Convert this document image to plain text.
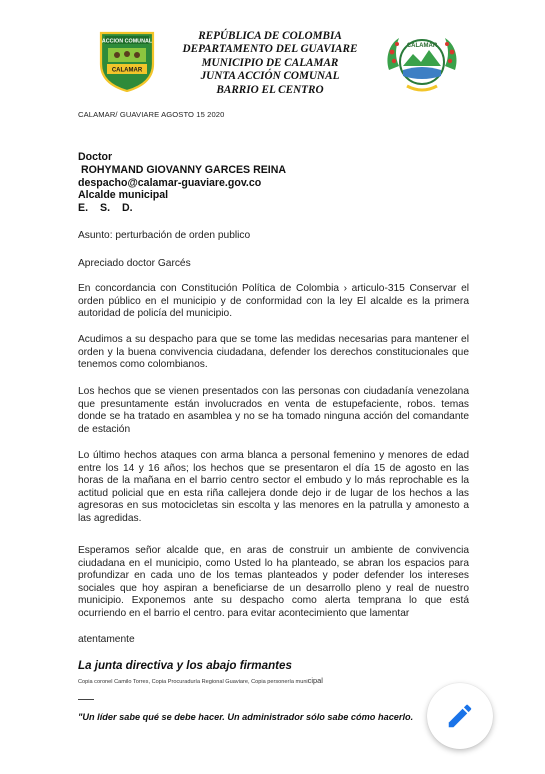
ACCION COMUNAL
CALAMAR
REPÚBLICA DE COLOMBIA
DEPARTAMENTO DEL GUAVIARE
MUNICIPIO DE CALAMAR
JUNTA ACCIÓN COMUNAL
BARRIO EL CENTRO
CALAMAR
CALAMAR/ GUAVIARE AGOSTO 15 2020
Doctor
ROHYMAND GIOVANNY GARCES REINA
despacho@calamar-guaviare.gov.co
Alcalde municipal
E. S. D.
Asunto: perturbación de orden publico
Apreciado doctor Garcés
En concordancia con Constitución Política de Colombia › articulo-315 Conservar el orden público en el municipio y de conformidad con la ley El alcalde es la primera autoridad de policía del municipio.
Acudimos a su despacho para que se tome las medidas necesarias para mantener el orden y la buena convivencia ciudadana, defender los derechos constitucionales que tenemos como colombianos.
Los hechos que se vienen presentados con las personas con ciudadanía venezolana que presuntamente están involucrados en venta de estupefaciente, robos. temas donde se ha tratado en asamblea y no se ha tomado ninguna acción del comandante de estación
Lo último hechos ataques con arma blanca a personal femenino y menores de edad entre los 14 y 16 años; los hechos que se presentaron el día 15 de agosto en las horas de la mañana en el barrio centro sector el embudo y lo más reprochable es la actitud policial que en esta riña callejera donde dejo ir de lugar de los hechos a las agresoras en sus motocicletas sin escolta y las menores en la patrulla y amonesto a las agredidas.
Esperamos señor alcalde que, en aras de construir un ambiente de convivencia ciudadana en el municipio, como Usted lo ha planteado, se abran los espacios para profundizar en cada uno de los temas planteados y poder defender los intereses sociales que hoy aspiran a beneficiarse de un desarrollo pleno y real de nuestro municipio. Exponemos ante su despacho como alerta temprana lo que está ocurriendo en el barrio el centro. para evitar acontecimiento que lamentar
atentamente
La junta directiva y los abajo firmantes
Copia coronel Camilo Torres, Copia Procuraduría Regional Guaviare, Copia personería municipal
"Un líder sabe qué se debe hacer. Un administrador sólo sabe cómo hacerlo.
